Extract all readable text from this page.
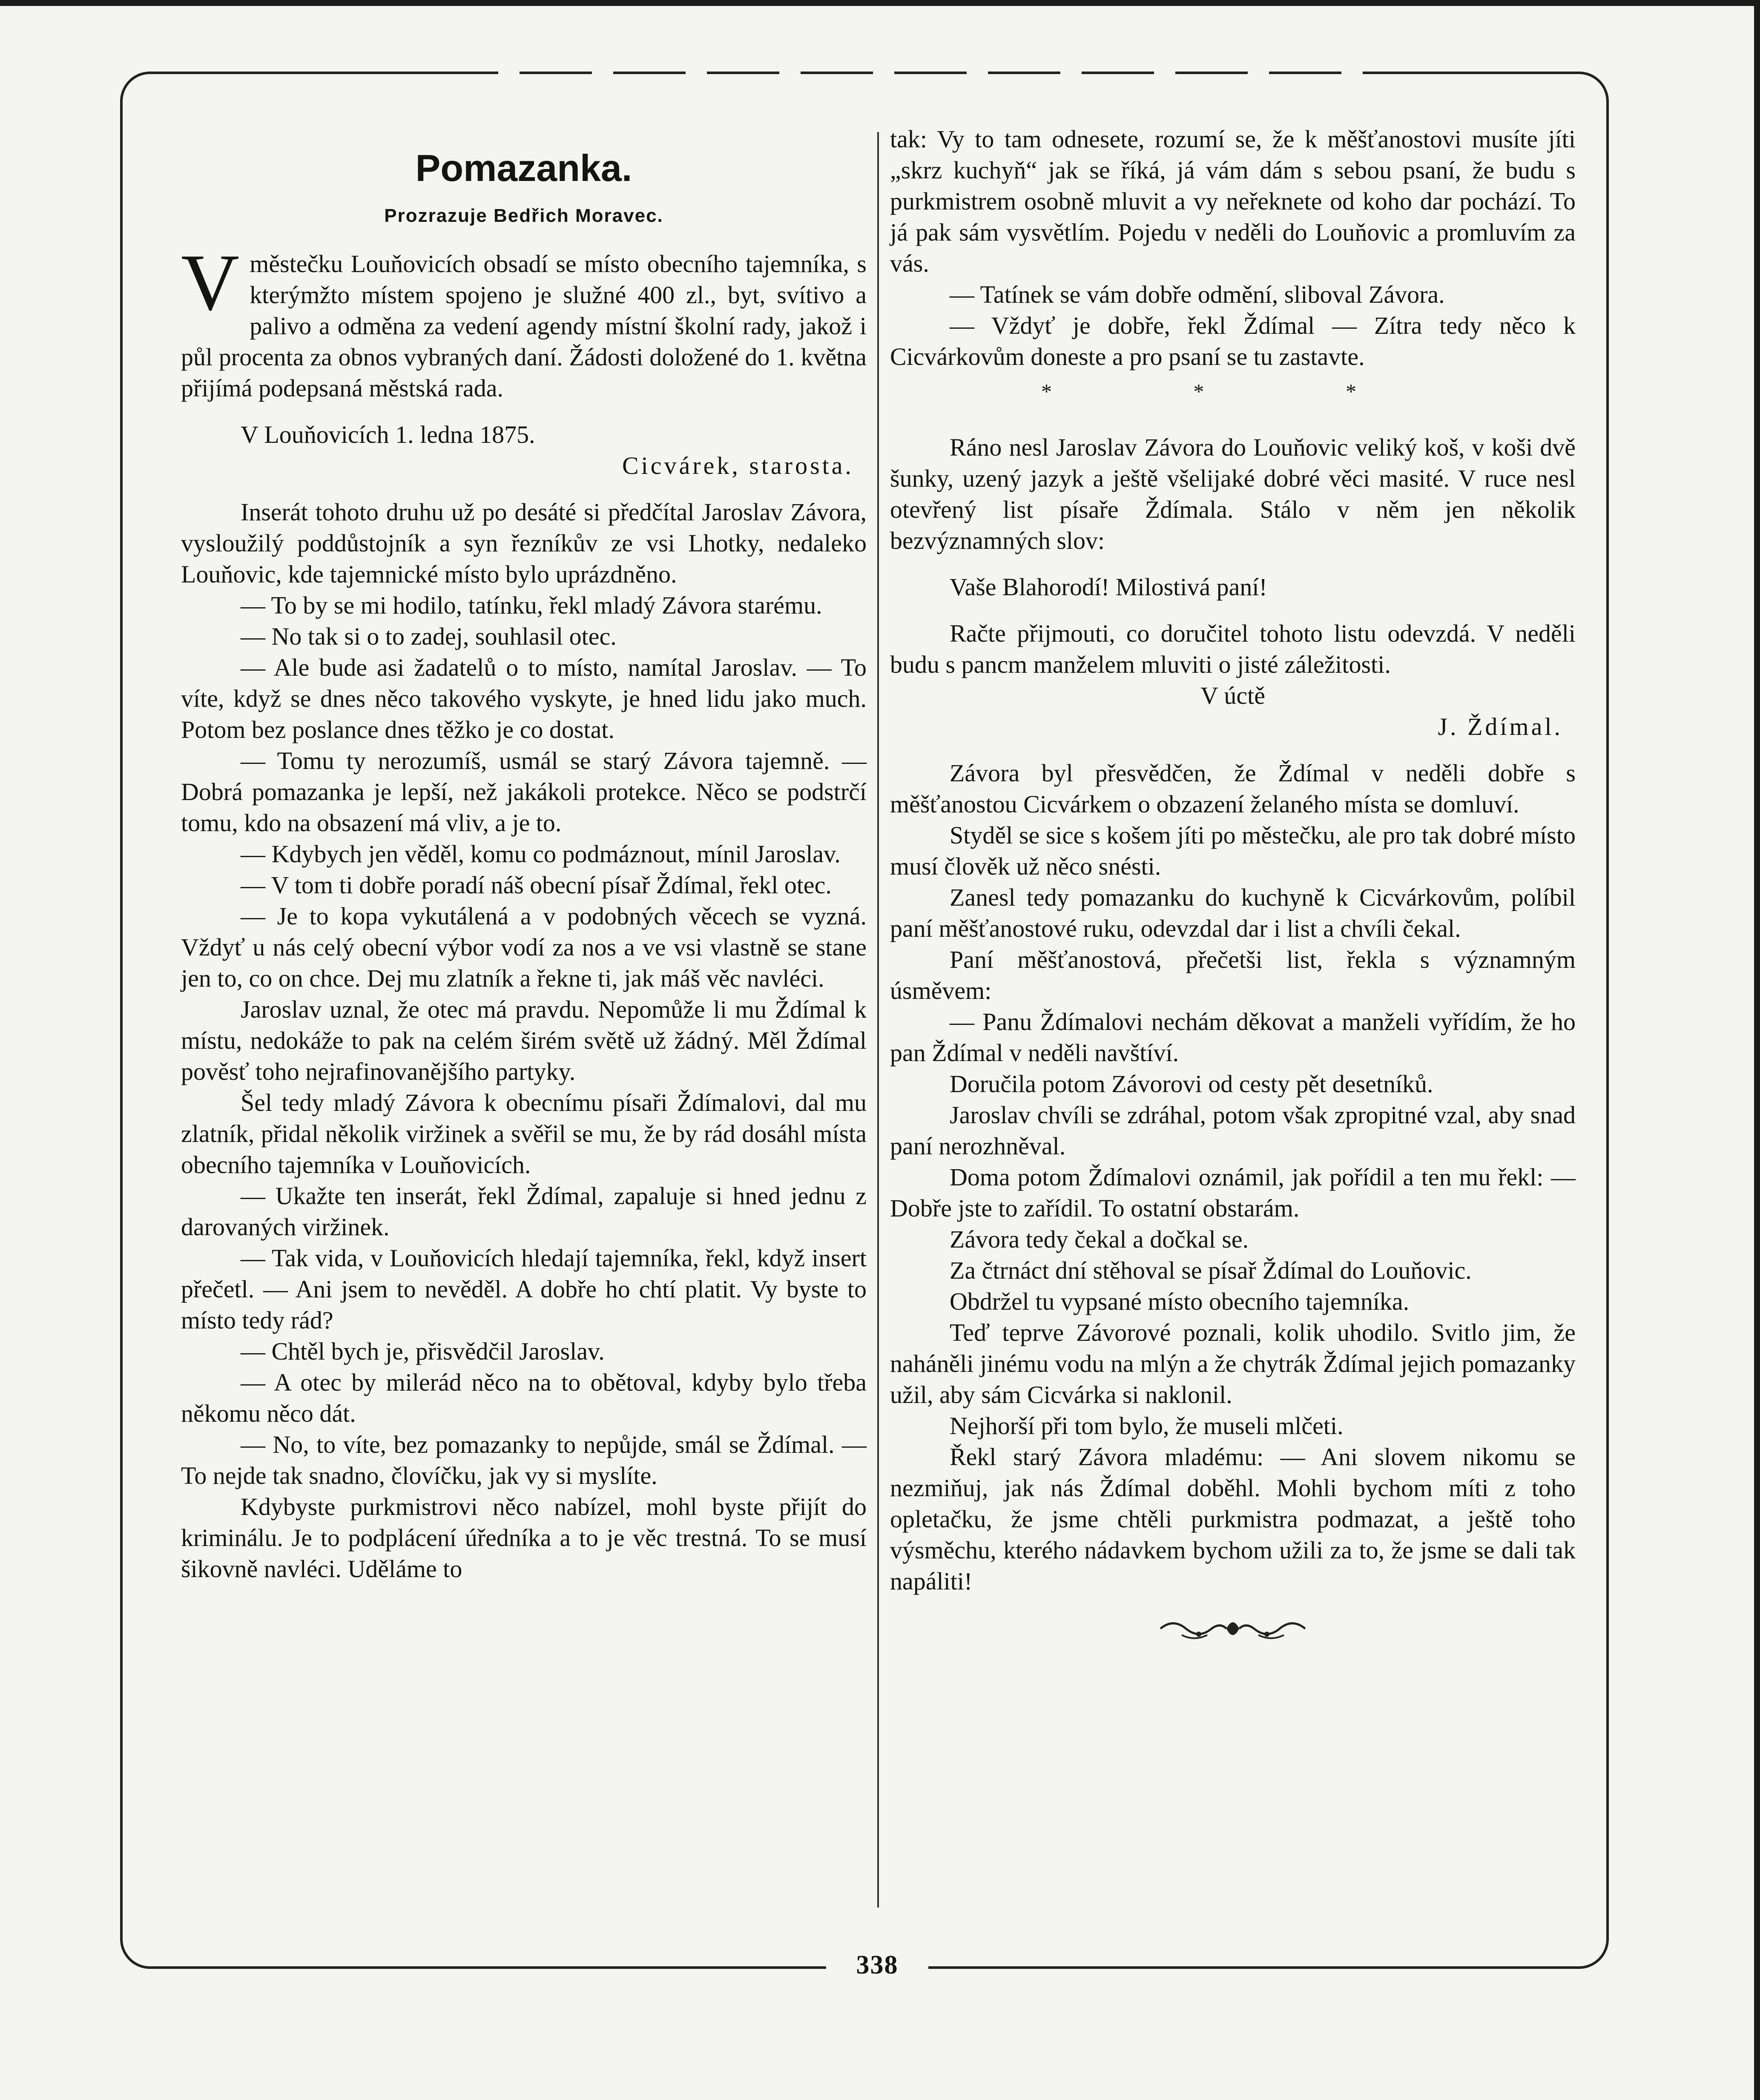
Pomazanka.
Prozrazuje Bedřich Moravec.

V městečku Louňovicích obsadí se místo obecního tajemníka, s kterýmžto místem spojeno je služné 400 zl., byt, svítivo a palivo a odměna za vedení agendy místní školní rady, jakož i půl procenta za obnos vybraných daní. Žádosti doložené do 1. května přijímá podepsaná městská rada.

V Louňovicích 1. ledna 1875.

Cicvárek, starosta.

Inserát tohoto druhu už po desáté si předčítal Jaroslav Závora, vysloužilý poddůstojník a syn řezníkův ze vsi Lhotky, nedaleko Louňovic, kde tajemnické místo bylo uprázdněno.

— To by se mi hodilo, tatínku, řekl mladý Závora starému.

— No tak si o to zadej, souhlasil otec.

— Ale bude asi žadatelů o to místo, namítal Jaroslav. — To víte, když se dnes něco takového vyskyte, je hned lidu jako much. Potom bez poslance dnes těžko je co dostat.

— Tomu ty nerozumíš, usmál se starý Závora tajemně. — Dobrá pomazanka je lepší, než jakákoli protekce. Něco se podstrčí tomu, kdo na obsazení má vliv, a je to.

— Kdybych jen věděl, komu co podmáznout, mínil Jaroslav.

— V tom ti dobře poradí náš obecní písař Ždímal, řekl otec.

— Je to kopa vykutálená a v podobných věcech se vyzná. Vždyť u nás celý obecní výbor vodí za nos a ve vsi vlastně se stane jen to, co on chce. Dej mu zlatník a řekne ti, jak máš věc navléci.

Jaroslav uznal, že otec má pravdu. Nepomůže li mu Ždímal k místu, nedokáže to pak na celém širém světě už žádný. Měl Ždímal pověsť toho nejrafinovanějšího partyky.

Šel tedy mladý Závora k obecnímu písaři Ždímalovi, dal mu zlatník, přidal několik viržinek a svěřil se mu, že by rád dosáhl místa obecního tajemníka v Louňovicích.

— Ukažte ten inserát, řekl Ždímal, zapaluje si hned jednu z darovaných viržinek.

— Tak vida, v Louňovicích hledají tajemníka, řekl, když insert přečetl. — Ani jsem to nevěděl. A dobře ho chtí platit. Vy byste to místo tedy rád?

— Chtěl bych je, přisvědčil Jaroslav.

— A otec by milerád něco na to obětoval, kdyby bylo třeba někomu něco dát.

— No, to víte, bez pomazanky to nepůjde, smál se Ždímal. — To nejde tak snadno, človíčku, jak vy si myslíte.

Kdybyste purkmistrovi něco nabízel, mohl byste přijít do kriminálu. Je to podplácení úředníka a to je věc trestná. To se musí šikovně navléci. Uděláme to

tak: Vy to tam odnesete, rozumí se, že k měšťanostovi musíte jíti „skrz kuchyň“ jak se říká, já vám dám s sebou psaní, že budu s purkmistrem osobně mluvit a vy neřeknete od koho dar pochází. To já pak sám vysvětlím. Pojedu v neděli do Louňovic a promluvím za vás.

— Tatínek se vám dobře odmění, sliboval Závora.

— Vždyť je dobře, řekl Ždímal — Zítra tedy něco k Cicvárkovům doneste a pro psaní se tu zastavte.

* * *

Ráno nesl Jaroslav Závora do Louňovic veliký koš, v koši dvě šunky, uzený jazyk a ještě všelijaké dobré věci masité. V ruce nesl otevřený list písaře Ždímala. Stálo v něm jen několik bezvýznamných slov:

Vaše Blahorodí! Milostivá paní!

Račte přijmouti, co doručitel tohoto listu odevzdá. V neděli budu s pancm manželem mluviti o jisté záležitosti.

V úctě

J. Ždímal.

Závora byl přesvědčen, že Ždímal v neděli dobře s měšťanostou Cicvárkem o obzazení želaného místa se domluví.

Styděl se sice s košem jíti po městečku, ale pro tak dobré místo musí člověk už něco snésti.

Zanesl tedy pomazanku do kuchyně k Cicvárkovům, políbil paní měšťanostové ruku, odevzdal dar i list a chvíli čekal.

Paní měšťanostová, přečetši list, řekla s významným úsměvem:

— Panu Ždímalovi nechám děkovat a manželi vyřídím, že ho pan Ždímal v neděli navštíví.

Doručila potom Závorovi od cesty pět desetníků.

Jaroslav chvíli se zdráhal, potom však zpropitné vzal, aby snad paní nerozhněval.

Doma potom Ždímalovi oznámil, jak pořídil a ten mu řekl: — Dobře jste to zařídil. To ostatní obstarám.

Závora tedy čekal a dočkal se.

Za čtrnáct dní stěhoval se písař Ždímal do Louňovic.

Obdržel tu vypsané místo obecního tajemníka.

Teď teprve Závorové poznali, kolik uhodilo. Svitlo jim, že naháněli jinému vodu na mlýn a že chytrák Ždímal jejich pomazanky užil, aby sám Cicvárka si naklonil.

Nejhorší při tom bylo, že museli mlčeti.

Řekl starý Závora mladému: — Ani slovem nikomu se nezmiňuj, jak nás Ždímal doběhl. Mohli bychom míti z toho opletačku, že jsme chtěli purkmistra podmazat, a ještě toho výsměchu, kterého nádavkem bychom užili za to, že jsme se dali tak napáliti!

338
